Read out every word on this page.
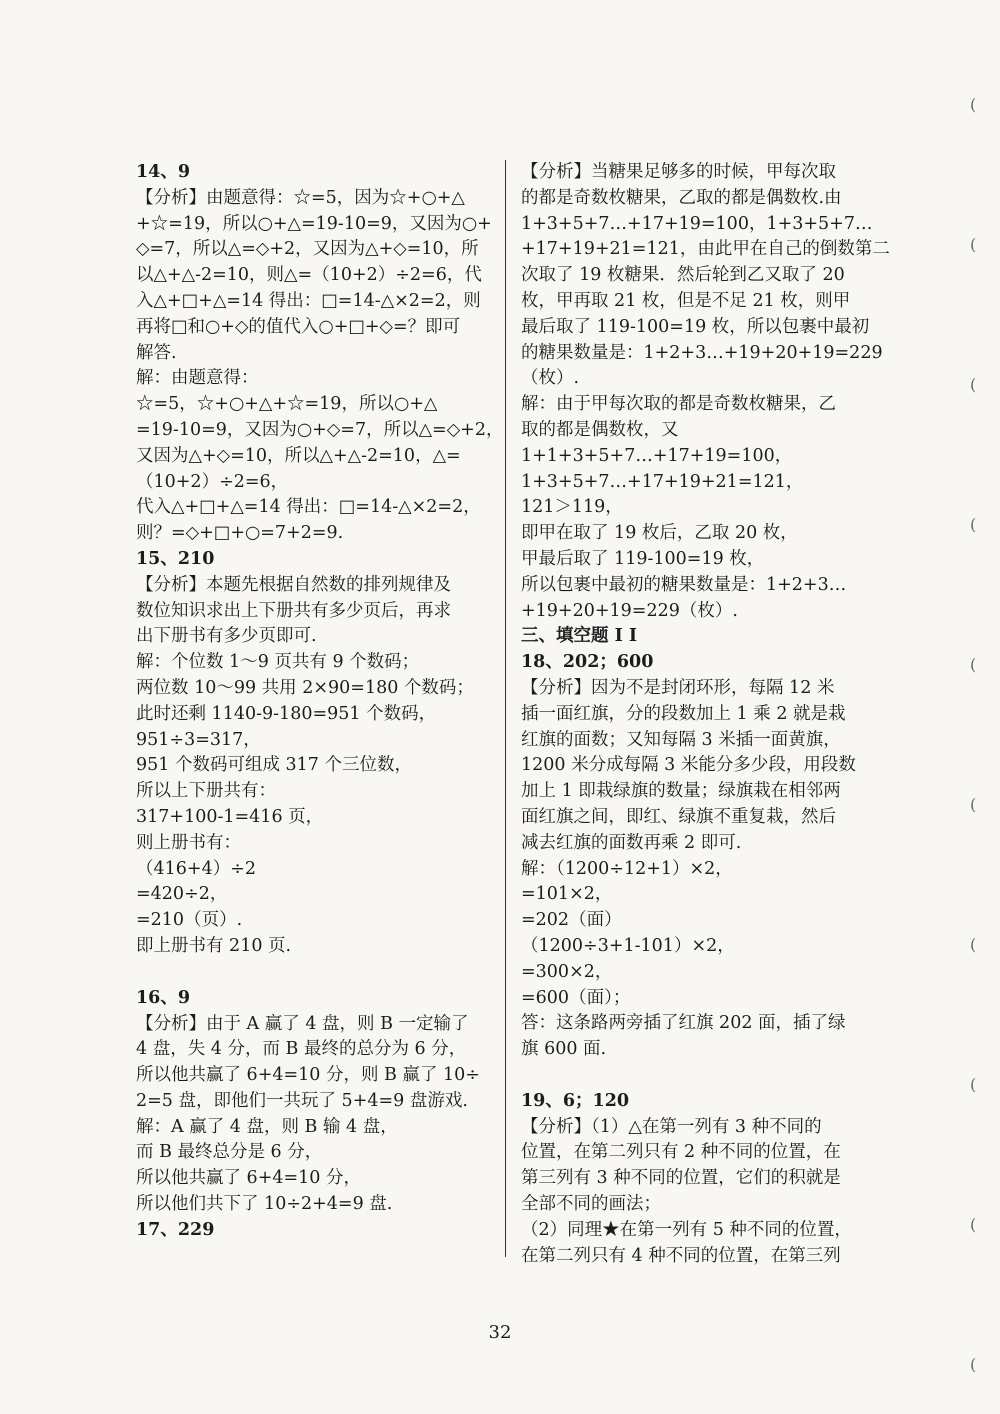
14、9
【分析】由题意得：☆=5，因为☆+○+△
+☆=19，所以○+△=19-10=9，又因为○+
◇=7，所以△=◇+2，又因为△+◇=10，所
以△+△-2=10，则△=（10+2）÷2=6，代
入△+□+△=14 得出：□=14-△×2=2，则
再将□和○+◇的值代入○+□+◇=？即可
解答.
解：由题意得：
☆=5，☆+○+△+☆=19，所以○+△
=19-10=9，又因为○+◇=7，所以△=◇+2，
又因为△+◇=10，所以△+△-2=10，△=
（10+2）÷2=6，
代入△+□+△=14 得出：□=14-△×2=2，
则？=◇+□+○=7+2=9.
15、210
【分析】本题先根据自然数的排列规律及
数位知识求出上下册共有多少页后，再求
出下册书有多少页即可.
解：个位数 1～9 页共有 9 个数码；
两位数 10～99 共用 2×90=180 个数码；
此时还剩 1140-9-180=951 个数码，
951÷3=317，
951 个数码可组成 317 个三位数，
所以上下册共有：
317+100-1=416 页，
则上册书有：
（416+4）÷2
=420÷2，
=210（页）.
即上册书有 210 页.
16、9
【分析】由于 A 赢了 4 盘，则 B 一定输了
4 盘，失 4 分，而 B 最终的总分为 6 分，
所以他共赢了 6+4=10 分，则 B 赢了 10÷
2=5 盘，即他们一共玩了 5+4=9 盘游戏.
解：A 赢了 4 盘，则 B 输 4 盘，
而 B 最终总分是 6 分，
所以他共赢了 6+4=10 分，
所以他们共下了 10÷2+4=9 盘.
17、229
【分析】当糖果足够多的时候，甲每次取
的都是奇数枚糖果，乙取的都是偶数枚.由
1+3+5+7…+17+19=100，1+3+5+7…
+17+19+21=121，由此甲在自己的倒数第二
次取了 19 枚糖果．然后轮到乙又取了 20
枚，甲再取 21 枚，但是不足 21 枚，则甲
最后取了 119-100=19 枚，所以包裹中最初
的糖果数量是：1+2+3…+19+20+19=229
（枚）.
解：由于甲每次取的都是奇数枚糖果，乙
取的都是偶数枚，又
1+1+3+5+7…+17+19=100，
1+3+5+7…+17+19+21=121，
121＞119，
即甲在取了 19 枚后，乙取 20 枚，
甲最后取了 119-100=19 枚，
所以包裹中最初的糖果数量是：1+2+3…
+19+20+19=229（枚）.
三、填空题 I I
18、202；600
【分析】因为不是封闭环形，每隔 12 米
插一面红旗，分的段数加上 1 乘 2 就是栽
红旗的面数；又知每隔 3 米插一面黄旗，
1200 米分成每隔 3 米能分多少段，用段数
加上 1 即栽绿旗的数量；绿旗栽在相邻两
面红旗之间，即红、绿旗不重复栽，然后
减去红旗的面数再乘 2 即可.
解：（1200÷12+1）×2，
=101×2，
=202（面）
（1200÷3+1-101）×2，
=300×2，
=600（面）；
答：这条路两旁插了红旗 202 面，插了绿
旗 600 面.
19、6；120
【分析】（1）△在第一列有 3 种不同的
位置，在第二列只有 2 种不同的位置，在
第三列有 3 种不同的位置，它们的积就是
全部不同的画法；
（2）同理★在第一列有 5 种不同的位置，
在第二列只有 4 种不同的位置，在第三列
32
(
(
(
(
(
(
(
(
(
(
